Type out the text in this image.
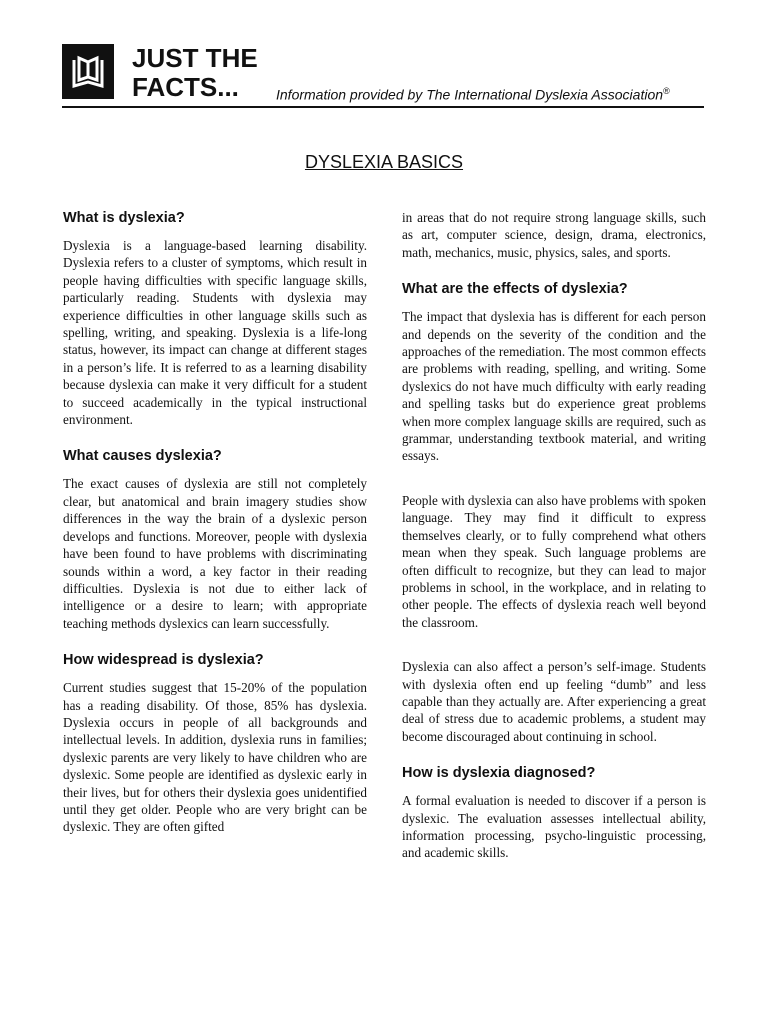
JUST THE
FACTS...	Information provided by The International Dyslexia Association®
DYSLEXIA BASICS
What is dyslexia?

Dyslexia is a language-based learning disability. Dyslexia refers to a cluster of symptoms, which result in people having difficulties with specific language skills, particularly reading. Students with dyslexia may experience difficulties in other language skills such as spelling, writing, and speaking. Dyslexia is a life-long status, however, its impact can change at different stages in a person’s life. It is referred to as a learning disability because dyslexia can make it very difficult for a student to succeed academically in the typical instructional environment.

What causes dyslexia?

The exact causes of dyslexia are still not completely clear, but anatomical and brain imagery studies show differences in the way the brain of a dyslexic person develops and functions. Moreover, people with dyslexia have been found to have problems with discriminating sounds within a word, a key factor in their reading difficulties. Dyslexia is not due to either lack of intelligence or a desire to learn; with appropriate teaching methods dyslexics can learn successfully.

How widespread is dyslexia?

Current studies suggest that 15-20% of the population has a reading disability. Of those, 85% has dyslexia. Dyslexia occurs in people of all backgrounds and intellectual levels. In addition, dyslexia runs in families; dyslexic parents are very likely to have children who are dyslexic. Some people are identified as dyslexic early in their lives, but for others their dyslexia goes unidentified until they get older. People who are very bright can be dyslexic. They are often gifted

in areas that do not require strong language skills, such as art, computer science, design, drama, electronics, math, mechanics, music, physics, sales, and sports.

What are the effects of dyslexia?

The impact that dyslexia has is different for each person and depends on the severity of the condition and the approaches of the remediation. The most common effects are problems with reading, spelling, and writing. Some dyslexics do not have much difficulty with early reading and spelling tasks but do experience great problems when more complex language skills are required, such as grammar, understanding textbook material, and writing essays.

People with dyslexia can also have problems with spoken language. They may find it difficult to express themselves clearly, or to fully comprehend what others mean when they speak. Such language problems are often difficult to recognize, but they can lead to major problems in school, in the workplace, and in relating to other people. The effects of dyslexia reach well beyond the classroom.

Dyslexia can also affect a person’s self-image. Students with dyslexia often end up feeling “dumb” and less capable than they actually are. After experiencing a great deal of stress due to academic problems, a student may become discouraged about continuing in school.

How is dyslexia diagnosed?

A formal evaluation is needed to discover if a person is dyslexic. The evaluation assesses intellectual ability, information processing, psycho-linguistic processing, and academic skills.
